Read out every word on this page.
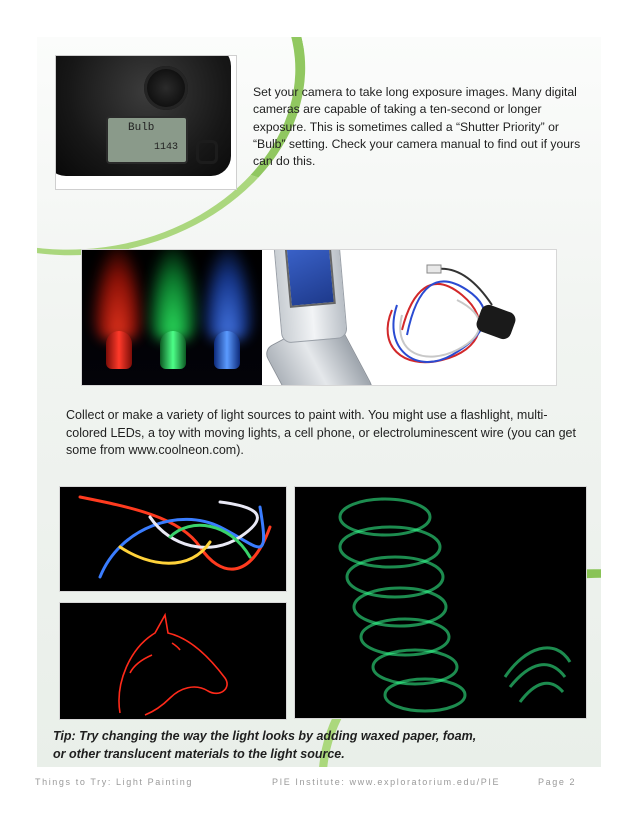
Bulb
1143
Set your camera to take long exposure images. Many digital cameras are capable of taking a ten-second or longer exposure. This is sometimes called a “Shutter Priority” or “Bulb” setting. Check your camera manual to find out if yours can do this.
Collect or make a variety of light sources to paint with. You might use a flashlight, multi-colored LEDs, a toy with moving lights, a cell phone, or electroluminescent wire (you can get some from www.coolneon.com).
Tip: Try changing the way the light looks by adding waxed paper, foam, or other translucent materials to the light source.
Things to Try: Light Painting	PIE Institute: www.exploratorium.edu/PIE	Page 2
